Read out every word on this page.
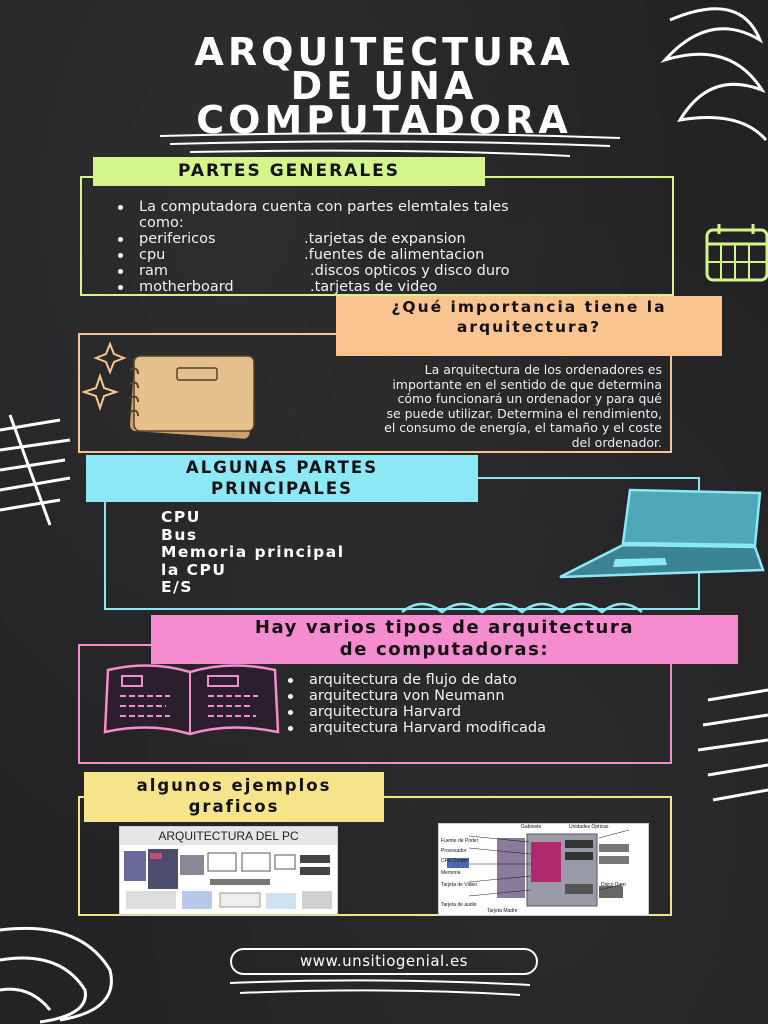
ARQUITECTURA
DE UNA
COMPUTADORA
PARTES GENERALES
La computadora cuenta con partes elemtales tales
como:
perifericos	.tarjetas de expansion
cpu	.fuentes de alimentacion
ram	.discos opticos y disco duro
motherboard	.tarjetas de video
¿Qué importancia tiene la
arquitectura?
La arquitectura de los ordenadores es
importante en el sentido de que determina
cómo funcionará un ordenador y para qué
se puede utilizar. Determina el rendimiento,
el consumo de energía, el tamaño y el coste
del ordenador.
ALGUNAS PARTES
PRINCIPALES
CPU
Bus
Memoria principal
la CPU
E/S
Hay varios tipos de arquitectura
de computadoras:
arquitectura de flujo de dato
arquitectura von Neumann
arquitectura Harvard
arquitectura Harvard modificada
algunos ejemplos
graficos
ARQUITECTURA DEL PC
Gabinete	Unidades Ópticas
Fuente de Poder
Procesador
CPU Cooler
Memoria
Tarjeta de Video	Disco Duro
Tarjeta de audio
Tarjeta Madre
www.unsitiogenial.es
